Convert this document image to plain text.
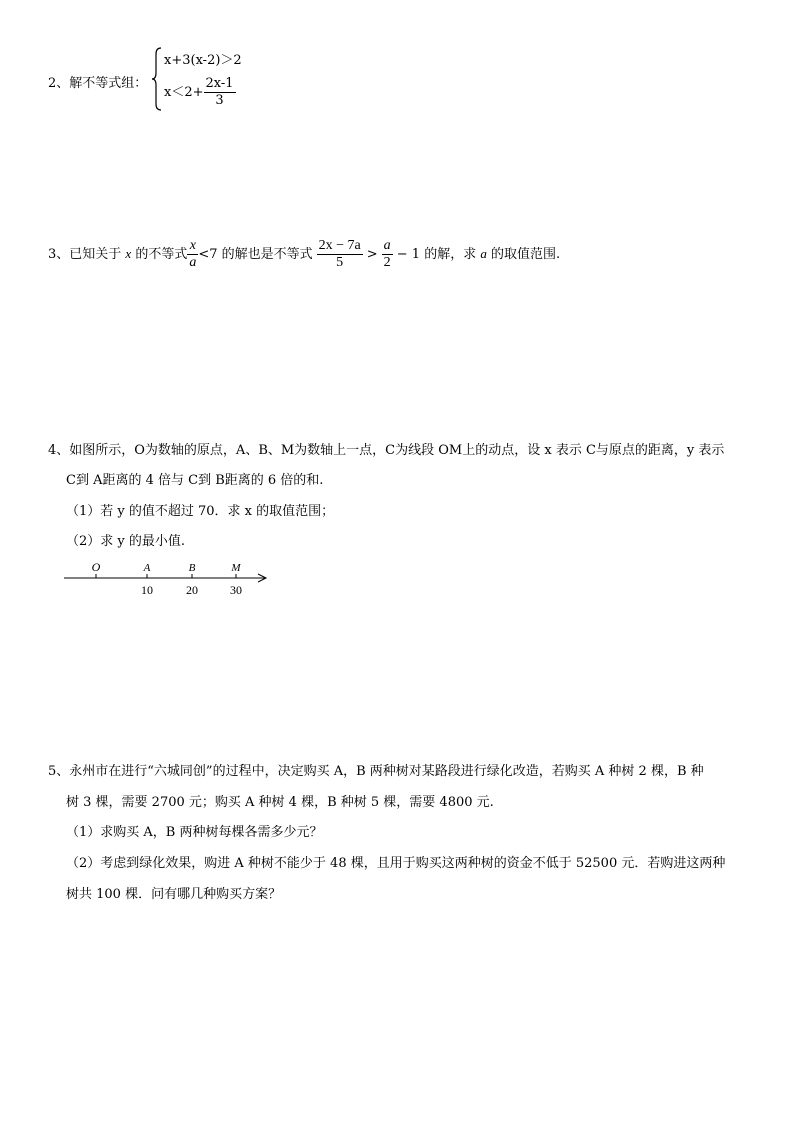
2、解不等式组：
x+3(x-2)＞2
$x<2+ \frac{2x-1}{3}$
3、已知关于 x 的不等式 $\frac{x}{a} <7$ 的解也是不等式 $\frac{2x - 7a}{5} > \frac{a}{2} - 1$ 的解，求 a 的取值范围.
4、如图所示，O为数轴的原点，A、B、M为数轴上一点，C为线段 OM上的动点，设 x 表示 C与原点的距离，y 表示
C到 A距离的 4 倍与 C到 B距离的 6 倍的和.
（1）若 y 的值不超过 70．求 x 的取值范围；
（2）求 y 的最小值.
O	A	B	M
10	20	30
5、永州市在进行“六城同创”的过程中，决定购买 A，B 两种树对某路段进行绿化改造，若购买 A 种树 2 棵，B 种
树 3 棵，需要 2700 元；购买 A 种树 4 棵，B 种树 5 棵，需要 4800 元.
（1）求购买 A，B 两种树每棵各需多少元？
（2）考虑到绿化效果，购进 A 种树不能少于 48 棵，且用于购买这两种树的资金不低于 52500 元．若购进这两种
树共 100 棵．问有哪几种购买方案？
